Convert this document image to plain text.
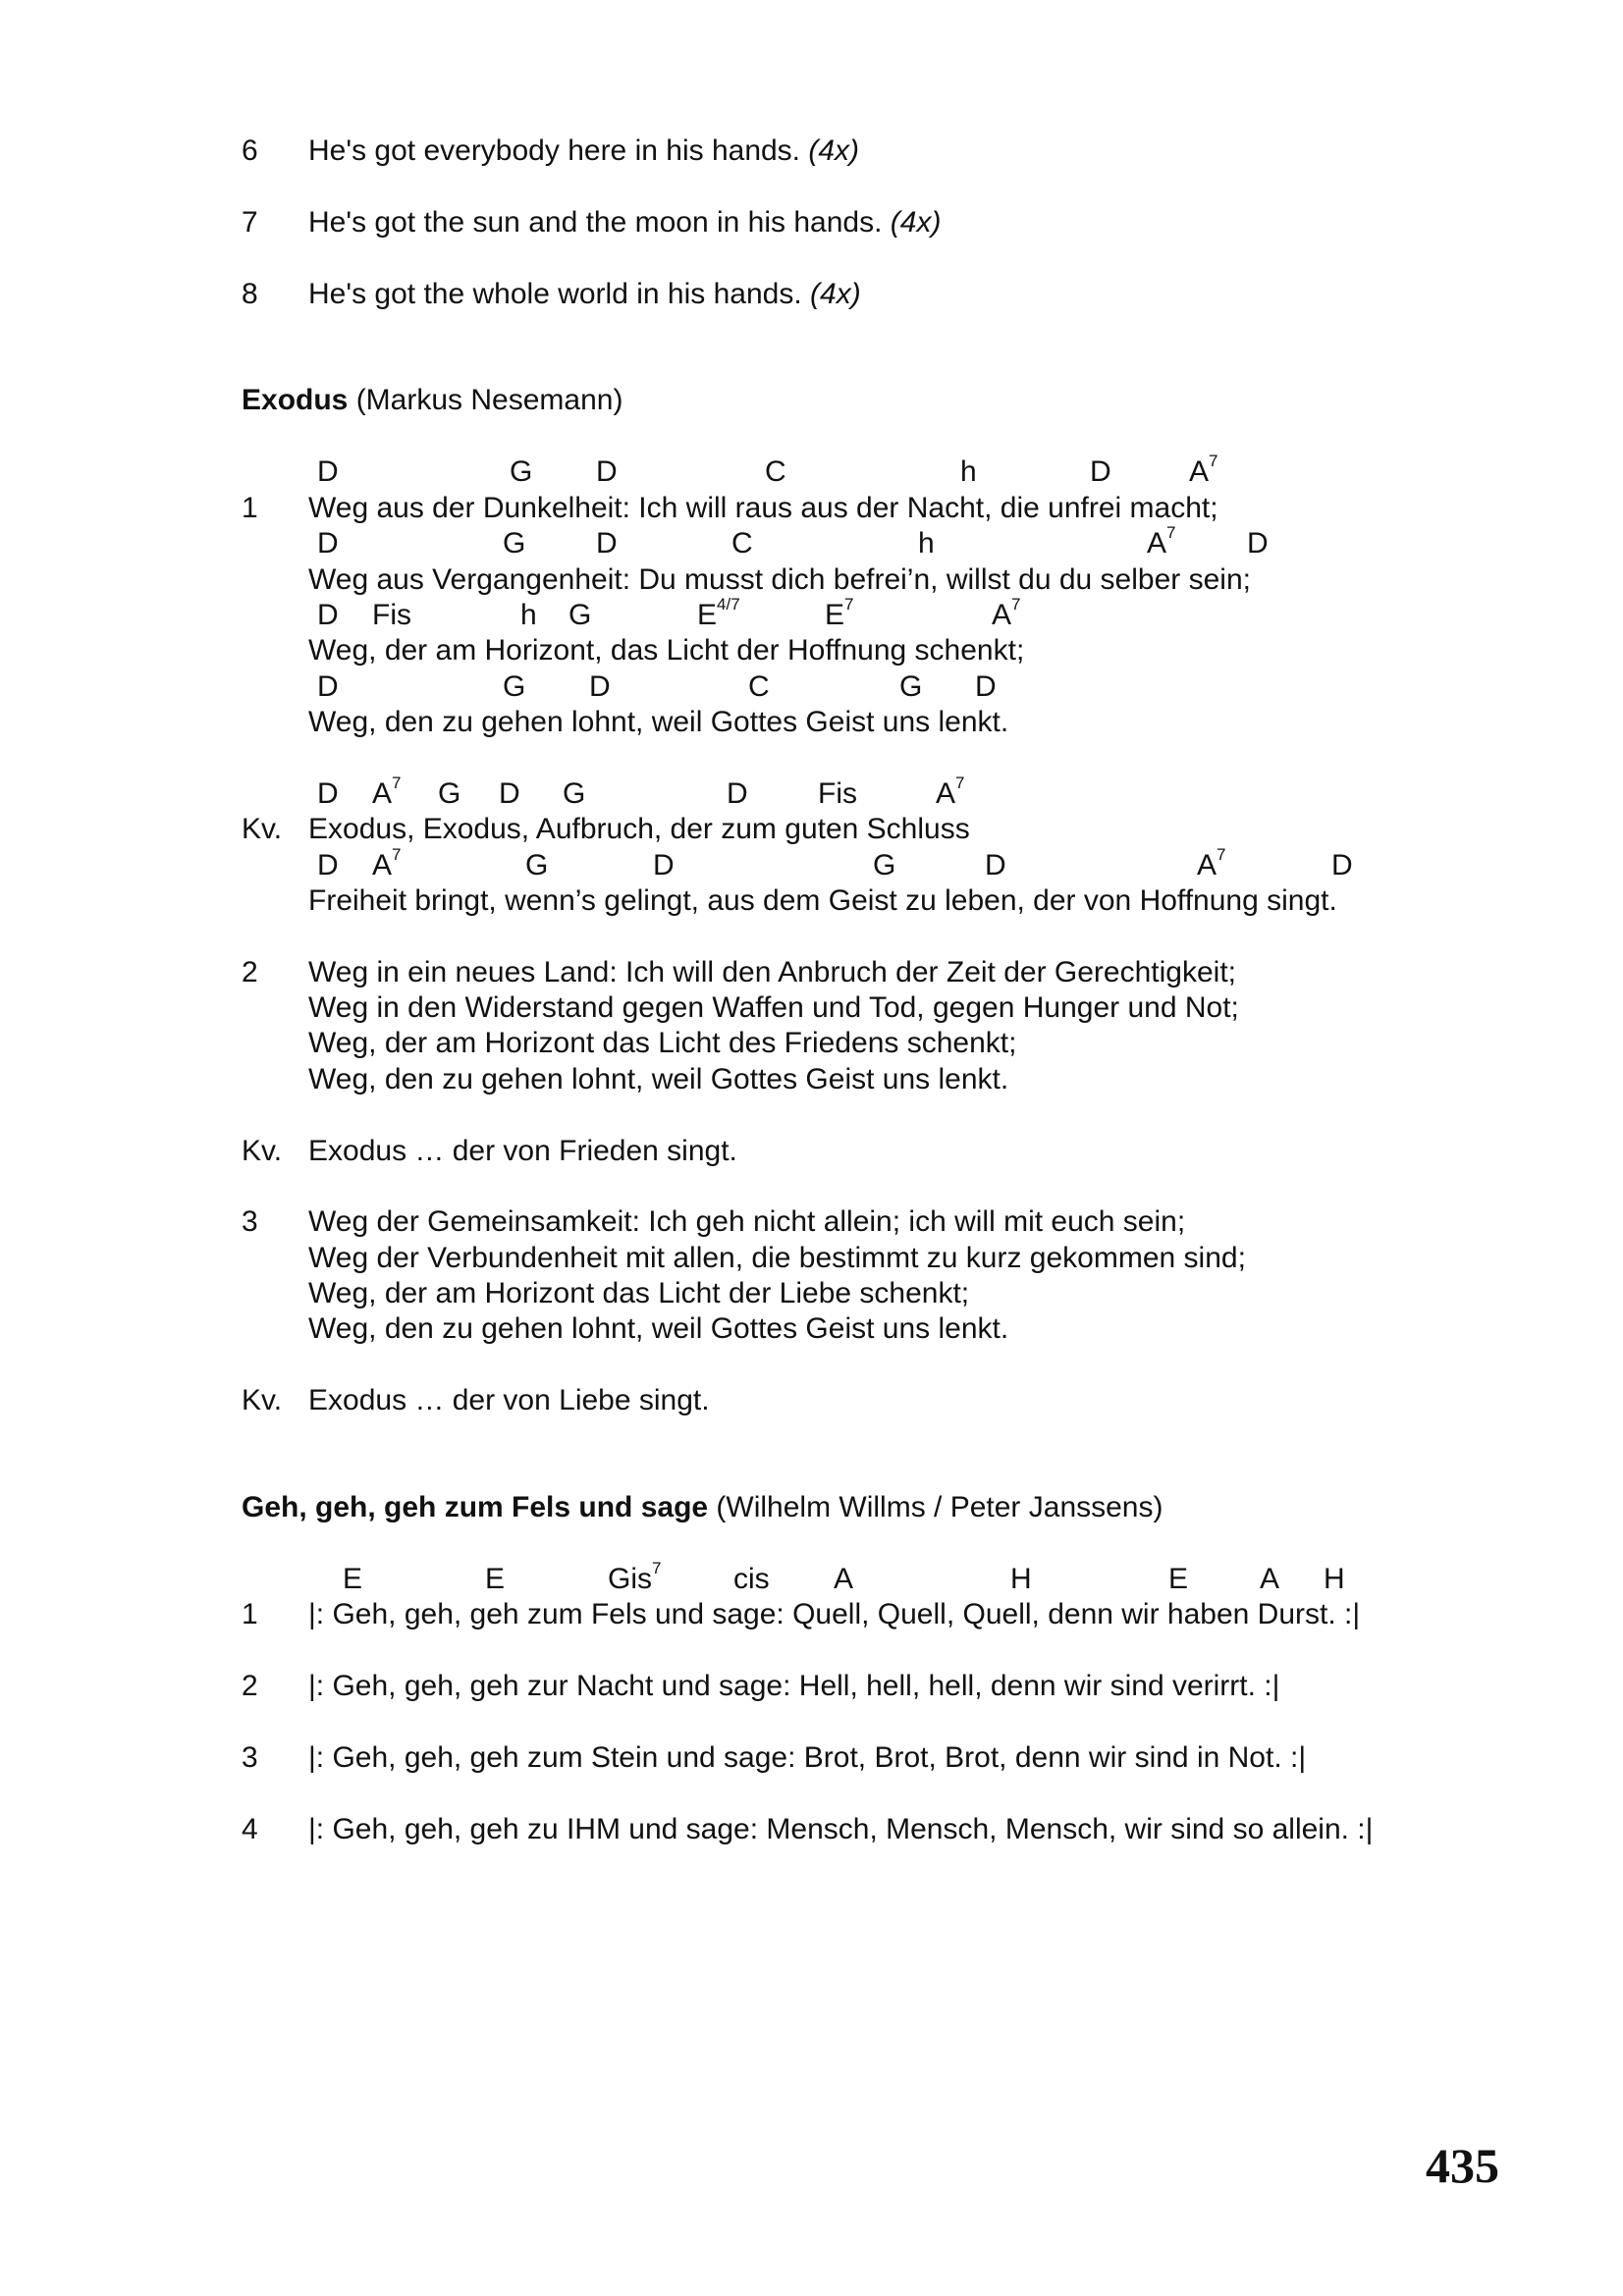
6 He's got everybody here in his hands. (4x)
7 He's got the sun and the moon in his hands. (4x)
8 He's got the whole world in his hands. (4x)
Exodus (Markus Nesemann)
D	G D	C	h	D	$A^7$
1 Weg aus der Dunkelheit: Ich will raus aus der Nacht, die unfrei macht;
D	G D	C	h	$A^7$ D
Weg aus Vergangenheit: Du musst dich befrei’n, willst du du selber sein;
D Fis	h G	$E^{4/7}$	$E^7$	$A^7$
Weg, der am Horizont, das Licht der Hoffnung schenkt;
D	G D	C	G D
Weg, den zu gehen lohnt, weil Gottes Geist uns lenkt.
D $A^7$ G D G	D Fis	$A^7$
Kv. Exodus, Exodus, Aufbruch, der zum guten Schluss
D $A^7$	G	D	G	D	$A^7$	D
Freiheit bringt, wenn’s gelingt, aus dem Geist zu leben, der von Hoffnung singt.
2 Weg in ein neues Land: Ich will den Anbruch der Zeit der Gerechtigkeit;
Weg in den Widerstand gegen Waffen und Tod, gegen Hunger und Not;
Weg, der am Horizont das Licht des Friedens schenkt;
Weg, den zu gehen lohnt, weil Gottes Geist uns lenkt.
Kv. Exodus … der von Frieden singt.
3 Weg der Gemeinsamkeit: Ich geh nicht allein; ich will mit euch sein;
Weg der Verbundenheit mit allen, die bestimmt zu kurz gekommen sind;
Weg, der am Horizont das Licht der Liebe schenkt;
Weg, den zu gehen lohnt, weil Gottes Geist uns lenkt.
Kv. Exodus … der von Liebe singt.
Geh, geh, geh zum Fels und sage (Wilhelm Willms / Peter Janssens)
E	E	Gis$^7$ cis A	H	E A H
1 |: Geh, geh, geh zum Fels und sage: Quell, Quell, Quell, denn wir haben Durst. :|
2 |: Geh, geh, geh zur Nacht und sage: Hell, hell, hell, denn wir sind verirrt. :|
3 |: Geh, geh, geh zum Stein und sage: Brot, Brot, Brot, denn wir sind in Not. :|
4 |: Geh, geh, geh zu IHM und sage: Mensch, Mensch, Mensch, wir sind so allein. :|
435
